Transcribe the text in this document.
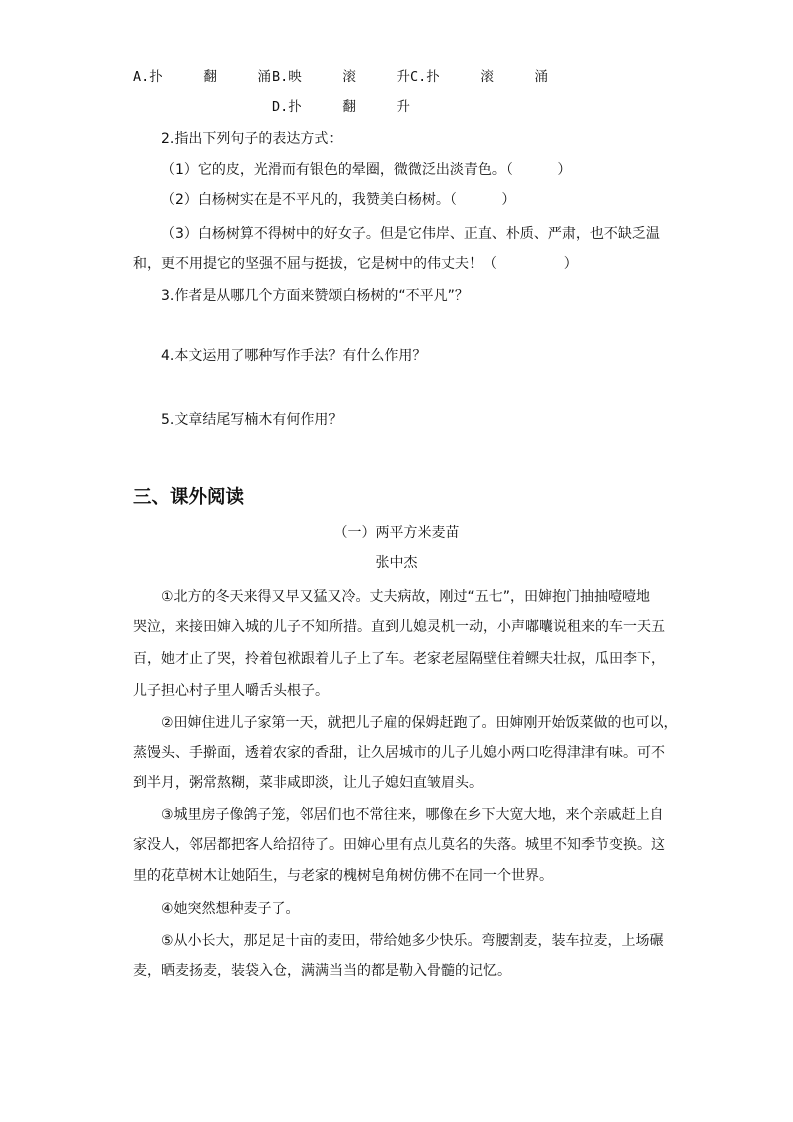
A.扑     翻     涌 B.映     滚     升 C.扑     滚     涌
D.扑     翻     升
2.指出下列句子的表达方式：
（1）它的皮，光滑而有银色的晕圈，微微泛出淡青色。（          ）
（2）白杨树实在是不平凡的，我赞美白杨树。（          ）
（3）白杨树算不得树中的好女子。但是它伟岸、正直、朴质、严肃，也不缺乏温
和，更不用提它的坚强不屈与挺拔，它是树中的伟丈夫！（               ）
3.作者是从哪几个方面来赞颂白杨树的“不平凡”？
4.本文运用了哪种写作手法？有什么作用？
5.文章结尾写楠木有何作用？
三、课外阅读
（一）两平方米麦苗
张中杰
①北方的冬天来得又早又猛又冷。丈夫病故，刚过“五七”，田婶抱门抽抽噎噎地
哭泣，来接田婶入城的儿子不知所措。直到儿媳灵机一动，小声嘟囔说租来的车一天五
百，她才止了哭，拎着包袱跟着儿子上了车。老家老屋隔壁住着鳏夫壮叔，瓜田李下，
儿子担心村子里人嚼舌头根子。
②田婶住进儿子家第一天，就把儿子雇的保姆赶跑了。田婶刚开始饭菜做的也可以，
蒸馒头、手擀面，透着农家的香甜，让久居城市的儿子儿媳小两口吃得津津有味。可不
到半月，粥常熬糊，菜非咸即淡，让儿子媳妇直皱眉头。
③城里房子像鸽子笼，邻居们也不常往来，哪像在乡下大宽大地，来个亲戚赶上自
家没人，邻居都把客人给招待了。田婶心里有点儿莫名的失落。城里不知季节变换。这
里的花草树木让她陌生，与老家的槐树皂角树仿佛不在同一个世界。
④她突然想种麦子了。
⑤从小长大，那足足十亩的麦田，带给她多少快乐。弯腰割麦，装车拉麦，上场碾
麦，晒麦扬麦，装袋入仓，满满当当的都是勒入骨髓的记忆。
